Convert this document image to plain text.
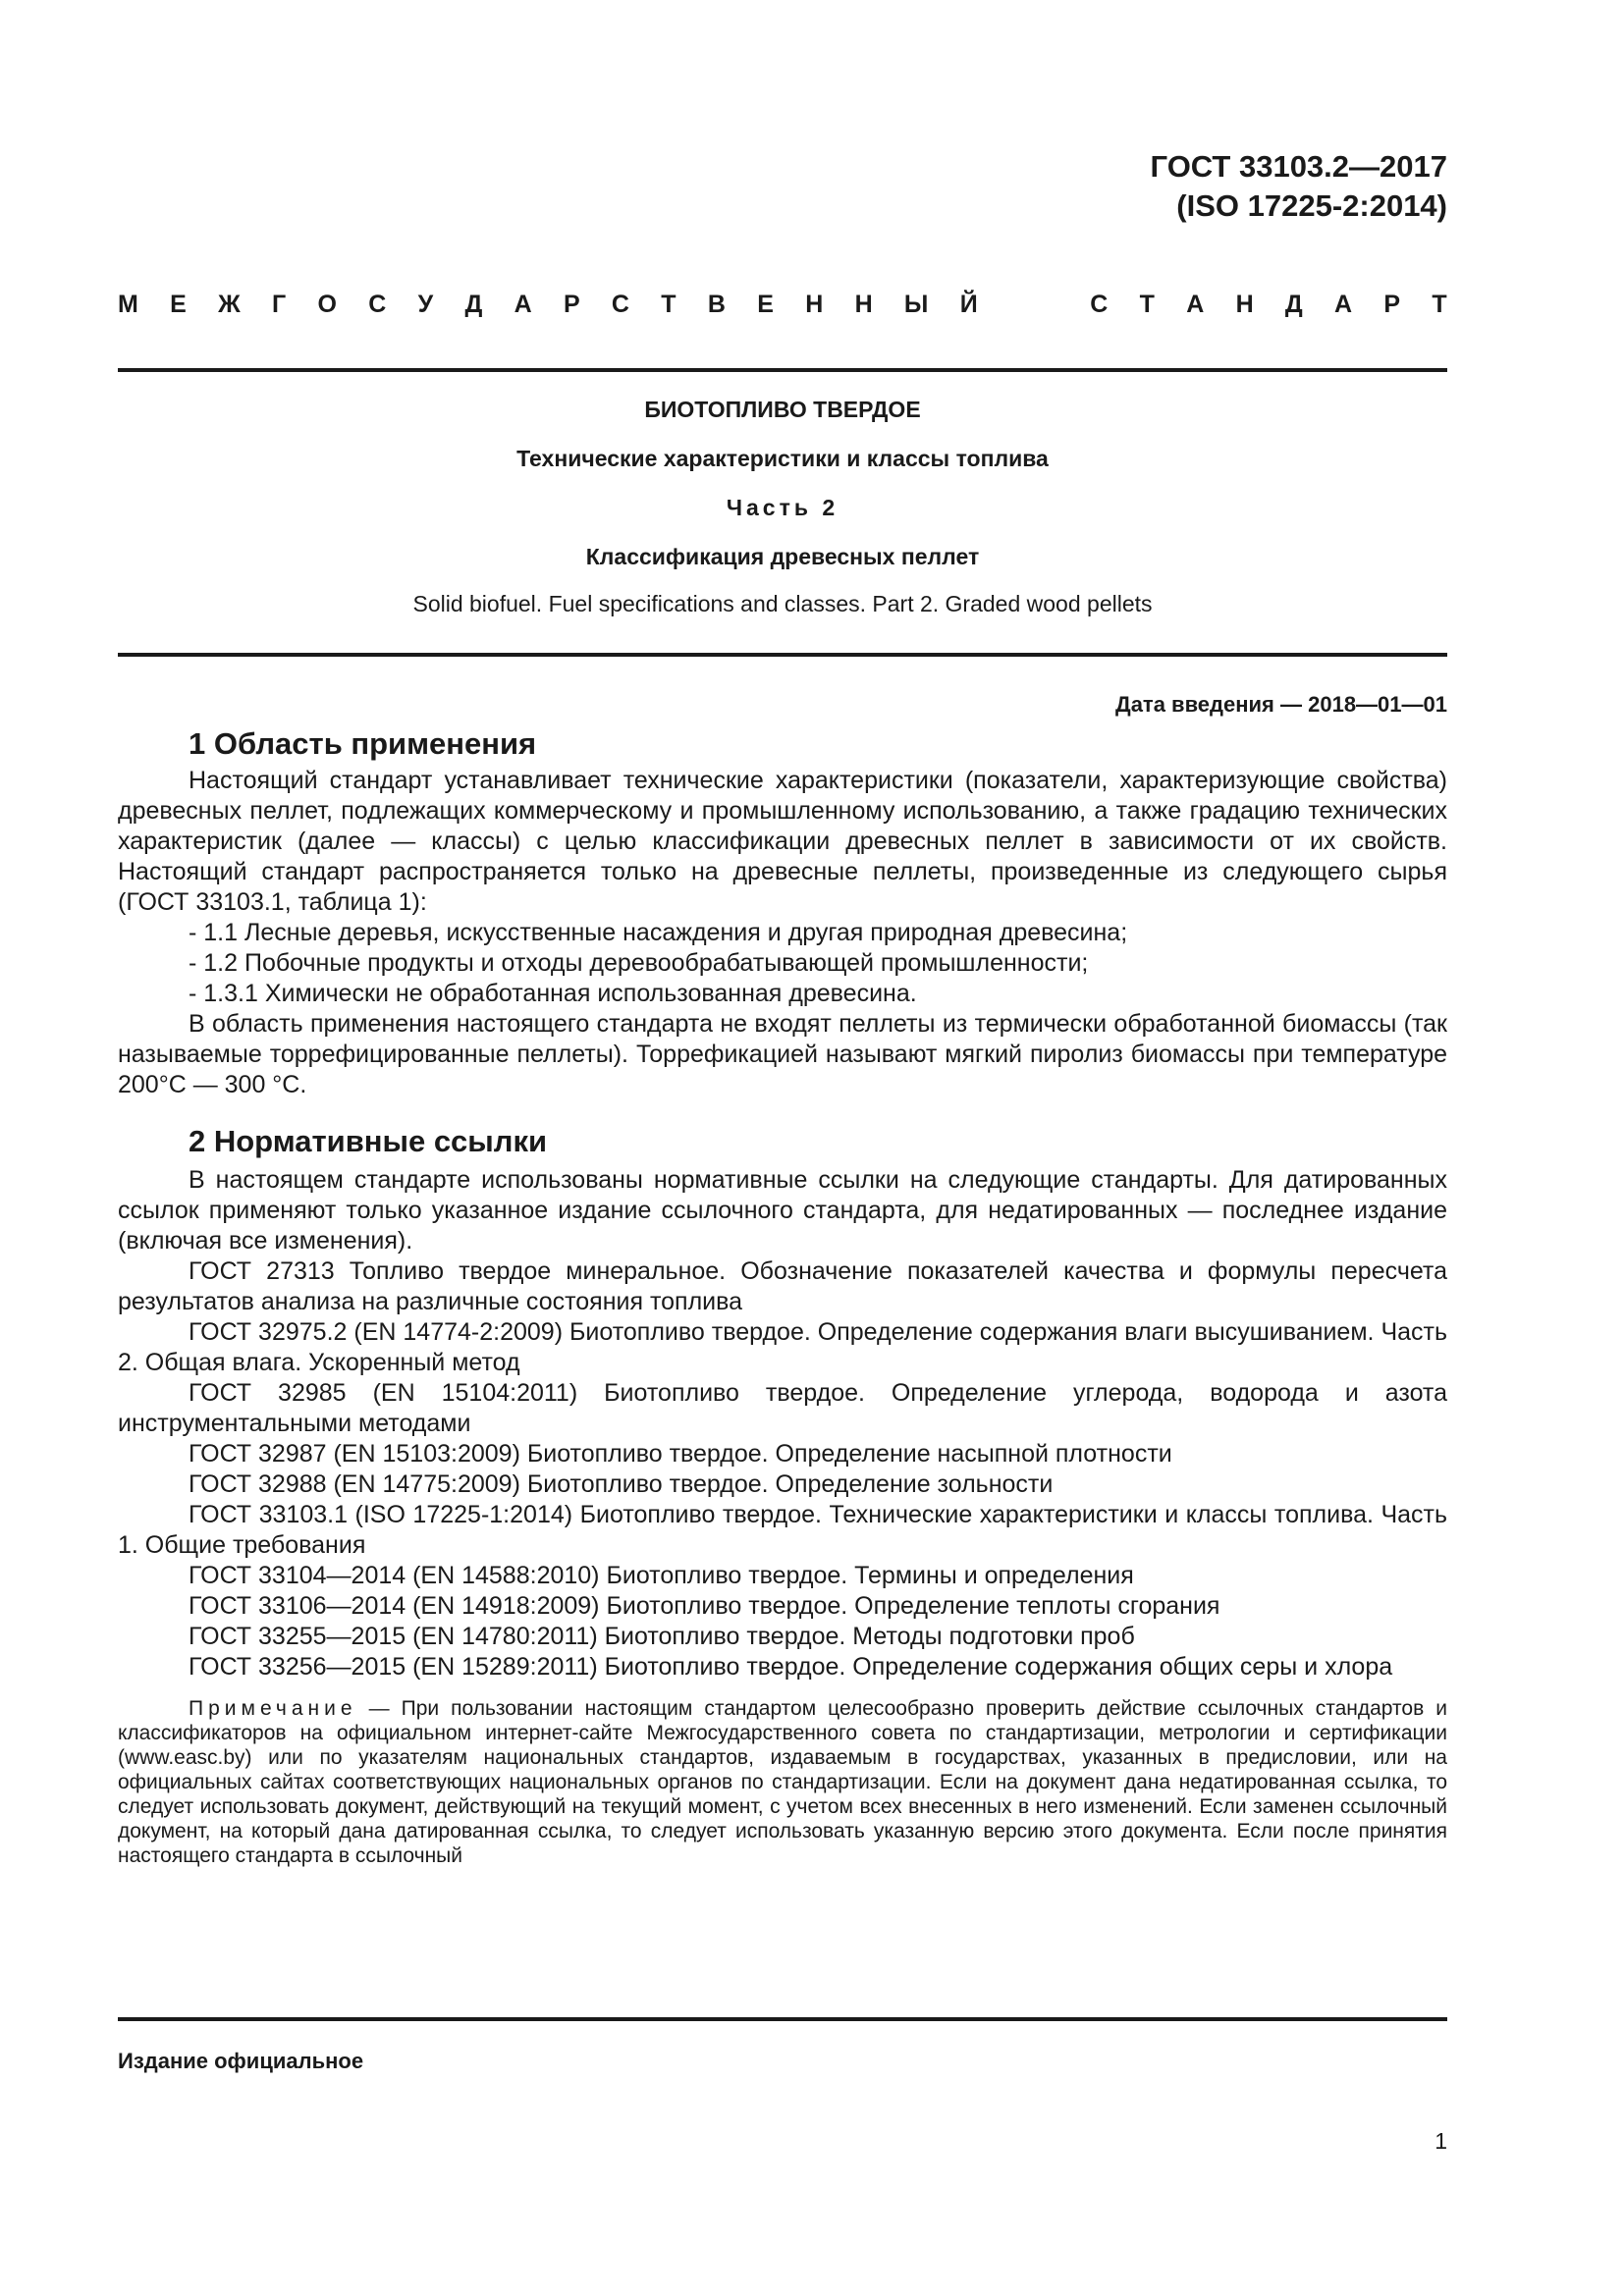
ГОСТ 33103.2—2017
(ISO 17225-2:2014)
М Е Ж Г О С У Д А Р С Т В Е Н Н Ы Й	С Т А Н Д А Р Т

БИОТОПЛИВО ТВЕРДОЕ

Технические характеристики и классы топлива

Часть 2

Классификация древесных пеллет

Solid biofuel. Fuel specifications and classes. Part 2. Graded wood pellets

Дата введения — 2018—01—01
1 Область применения

Настоящий стандарт устанавливает технические характеристики (показатели, характеризующие свойства) древесных пеллет, подлежащих коммерческому и промышленному использованию, а также градацию технических характеристик (далее — классы) с целью классификации древесных пеллет в зависимости от их свойств. Настоящий стандарт распространяется только на древесные пеллеты, произведенные из следующего сырья (ГОСТ 33103.1, таблица 1):

- 1.1 Лесные деревья, искусственные насаждения и другая природная древесина;

- 1.2 Побочные продукты и отходы деревообрабатывающей промышленности;

- 1.3.1 Химически не обработанная использованная древесина.

В область применения настоящего стандарта не входят пеллеты из термически обработанной биомассы (так называемые торрефицированные пеллеты). Торрефикацией называют мягкий пиролиз биомассы при температуре 200°С — 300 °С.

2 Нормативные ссылки

В настоящем стандарте использованы нормативные ссылки на следующие стандарты. Для датированных ссылок применяют только указанное издание ссылочного стандарта, для недатированных — последнее издание (включая все изменения).

ГОСТ 27313 Топливо твердое минеральное. Обозначение показателей качества и формулы пересчета результатов анализа на различные состояния топлива

ГОСТ 32975.2 (EN 14774-2:2009) Биотопливо твердое. Определение содержания влаги высушиванием. Часть 2. Общая влага. Ускоренный метод

ГОСТ 32985 (EN 15104:2011) Биотопливо твердое. Определение углерода, водорода и азота инструментальными методами

ГОСТ 32987 (EN 15103:2009) Биотопливо твердое. Определение насыпной плотности

ГОСТ 32988 (EN 14775:2009) Биотопливо твердое. Определение зольности

ГОСТ 33103.1 (ISO 17225-1:2014) Биотопливо твердое. Технические характеристики и классы топлива. Часть 1. Общие требования

ГОСТ 33104—2014 (EN 14588:2010) Биотопливо твердое. Термины и определения

ГОСТ 33106—2014 (EN 14918:2009) Биотопливо твердое. Определение теплоты сгорания

ГОСТ 33255—2015 (EN 14780:2011) Биотопливо твердое. Методы подготовки проб

ГОСТ 33256—2015 (EN 15289:2011) Биотопливо твердое. Определение содержания общих серы и хлора

Примечание — При пользовании настоящим стандартом целесообразно проверить действие ссылочных стандартов и классификаторов на официальном интернет-сайте Межгосударственного совета по стандартизации, метрологии и сертификации (www.easc.by) или по указателям национальных стандартов, издаваемым в государствах, указанных в предисловии, или на официальных сайтах соответствующих национальных органов по стандартизации. Если на документ дана недатированная ссылка, то следует использовать документ, действующий на текущий момент, с учетом всех внесенных в него изменений. Если заменен ссылочный документ, на который дана датированная ссылка, то следует использовать указанную версию этого документа. Если после принятия настоящего стандарта в ссылочный

Издание официальное
1
